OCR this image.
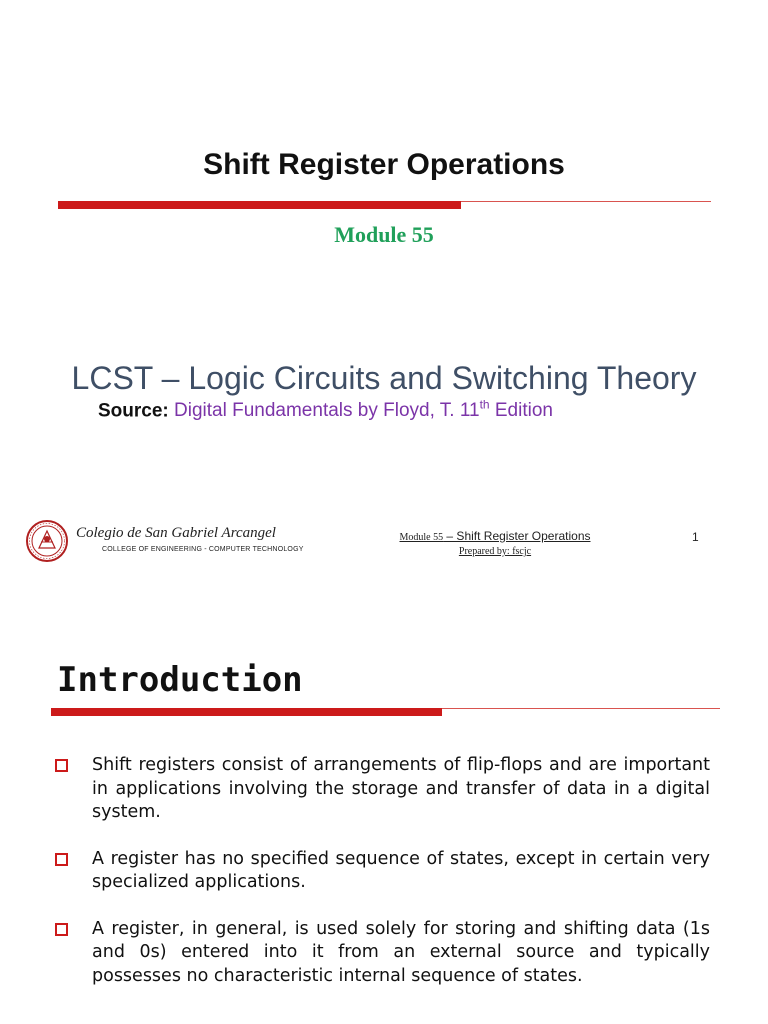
Shift Register Operations
Module 55
LCST – Logic Circuits and Switching Theory
Source: Digital Fundamentals by Floyd, T. 11th Edition
Colegio de San Gabriel Arcangel
COLLEGE OF ENGINEERING - COMPUTER TECHNOLOGY
Module 55 – Shift Register Operations
Prepared by: fscjc
1
Introduction

Shift registers consist of arrangements of flip-flops and are important in applications involving the storage and transfer of data in a digital system.

A register has no specified sequence of states, except in certain very specialized applications.

A register, in general, is used solely for storing and shifting data (1s and 0s) entered into it from an external source and typically possesses no characteristic internal sequence of states.
